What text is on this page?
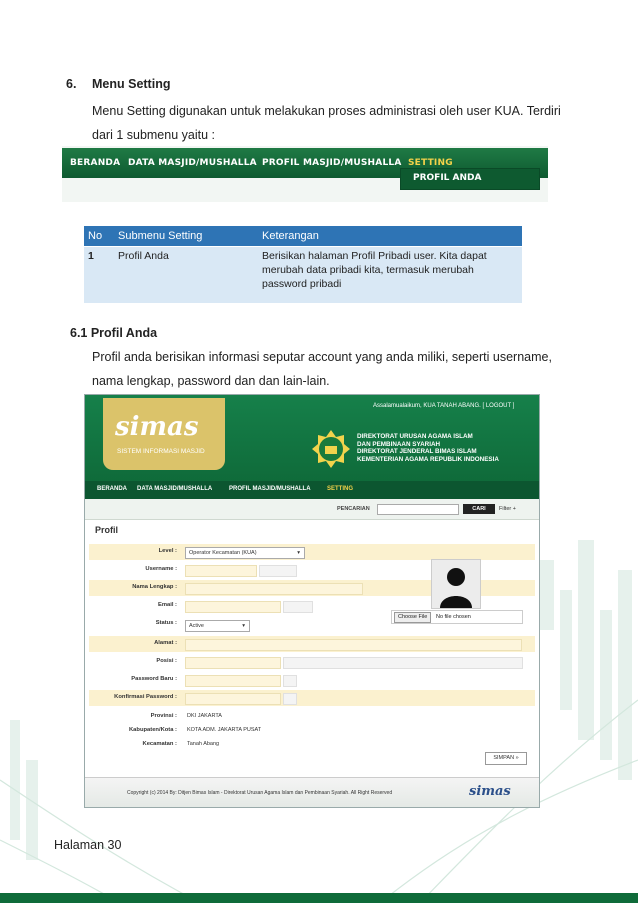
6. Menu Setting
Menu Setting digunakan untuk melakukan proses administrasi oleh user KUA. Terdiri
dari 1 submenu yaitu :
BERANDA DATA MASJID/MUSHALLA PROFIL MASJID/MUSHALLA SETTING
PROFIL ANDA
No	Submenu Setting	Keterangan
1	Profil Anda	Berisikan halaman Profil Pribadi user. Kita dapat
merubah data pribadi kita, termasuk merubah
password pribadi
6.1 Profil Anda
Profil anda berisikan informasi seputar account yang anda miliki, seperti username,
nama lengkap, password dan dan lain-lain.
simas
SISTEM INFORMASI MASJID
Assalamualaikum, KUA TANAH ABANG. [ LOGOUT ]
DIREKTORAT URUSAN AGAMA ISLAM
DAN PEMBINAAN SYARIAH
DIREKTORAT JENDERAL BIMAS ISLAM
KEMENTERIAN AGAMA REPUBLIK INDONESIA
BERANDA DATA MASJID/MUSHALLA	PROFIL MASJID/MUSHALLA	SETTING
PENCARIAN	CARI	Filter +
Profil
Level :	Operator Kecamatan (KUA)	▾
Username :
Nama Lengkap :
Email :
Status :	Active	▾
Alamat :
Posisi :
Password Baru :
Konfirmasi Password :
Provinsi : DKI JAKARTA
Kabupaten/Kota : KOTA ADM. JAKARTA PUSAT
Kecamatan : Tanah Abang
Choose File	No file chosen
SIMPAN »
Copyright (c) 2014 By: Ditjen Bimas Islam - Direktorat Urusan Agama Islam dan Pembinaan Syariah. All Right Reserved	simas
Halaman 30
